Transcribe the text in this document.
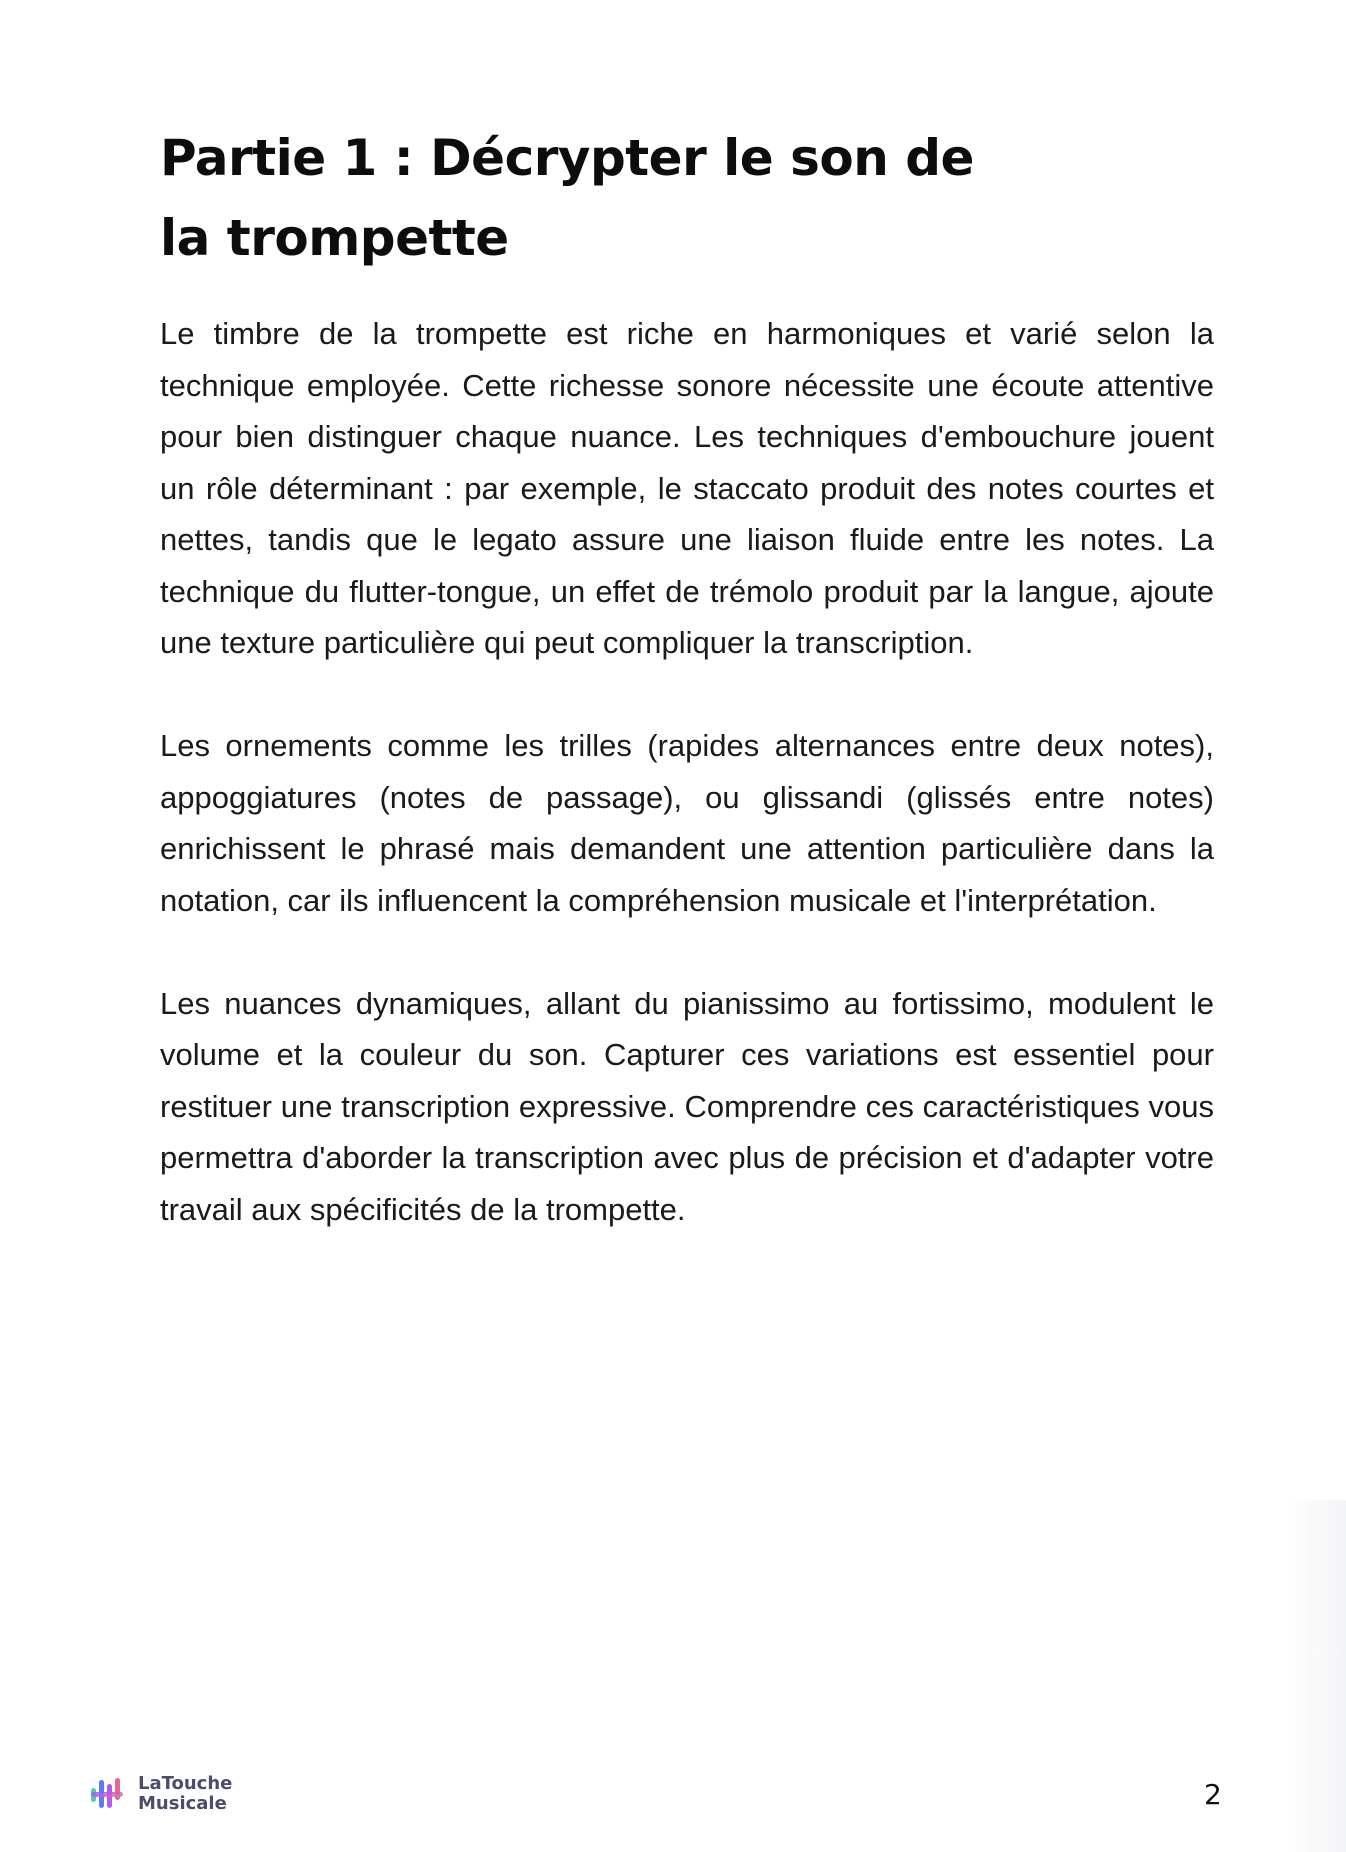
Partie 1 : Décrypter le son de la trompette

Le timbre de la trompette est riche en harmoniques et varié selon la technique employée. Cette richesse sonore nécessite une écoute attentive pour bien distinguer chaque nuance. Les techniques d'embouchure jouent un rôle déterminant : par exemple, le staccato produit des notes courtes et nettes, tandis que le legato assure une liaison fluide entre les notes. La technique du flutter-tongue, un effet de trémolo produit par la langue, ajoute une texture particulière qui peut compliquer la transcription.

Les ornements comme les trilles (rapides alternances entre deux notes), appoggiatures (notes de passage), ou glissandi (glissés entre notes) enrichissent le phrasé mais demandent une attention particulière dans la notation, car ils influencent la compréhension musicale et l'interprétation.

Les nuances dynamiques, allant du pianissimo au fortissimo, modulent le volume et la couleur du son. Capturer ces variations est essentiel pour restituer une transcription expressive. Comprendre ces caractéristiques vous permettra d'aborder la transcription avec plus de précision et d'adapter votre travail aux spécificités de la trompette.

LaTouche
Musicale	2
